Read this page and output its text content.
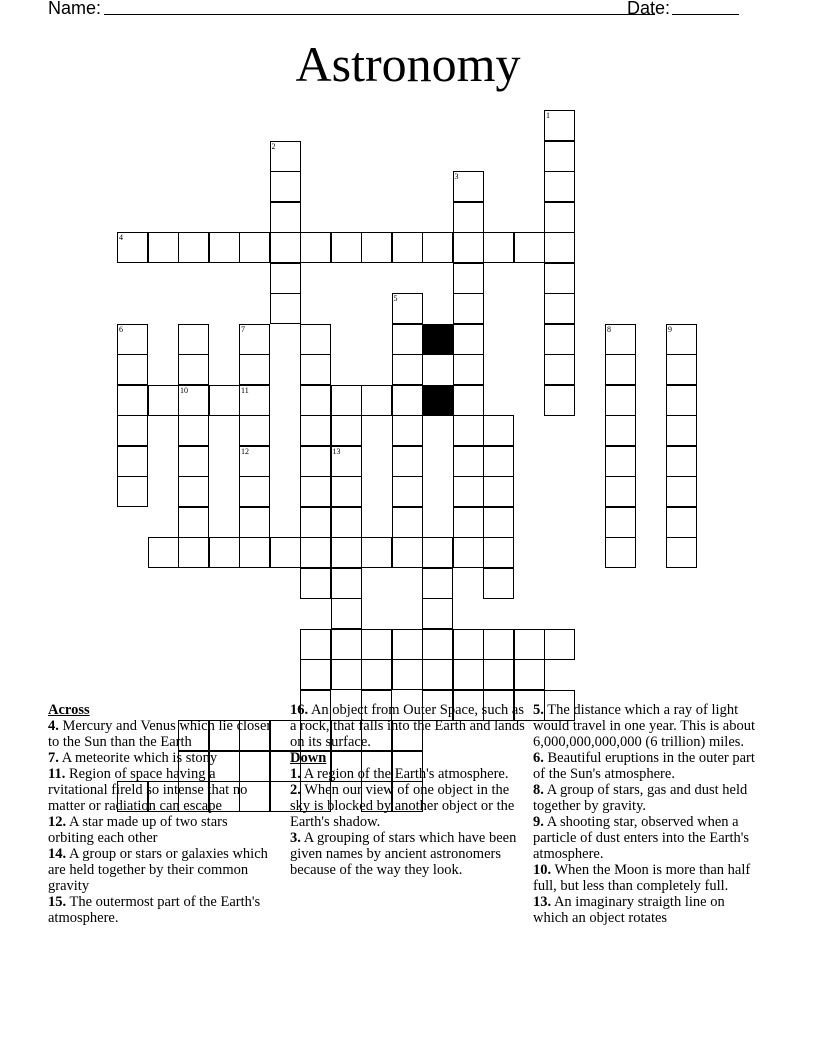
Name:	Date:
Astronomy
1
2
3
4
5
6	7
11
12
10
8	9
13
Across
4. Mercury and Venus which lie closer to the Sun than the Earth
7. A meteorite which is stony
11. Region of space having a rvitational fireld so intense that no matter or radiation can escape
12. A star made up of two stars orbiting each other
14. A group or stars or galaxies which are held together by their common gravity
15. The outermost part of the Earth's atmosphere.
16. An object from Outer Space, such as a rock, that falls into the Earth and lands on its surface.
Down
1. A region of the Earth's atmosphere.
2. When our view of one object in the sky is blocked by another object or the Earth's shadow.
3. A grouping of stars which have been given names by ancient astronomers because of the way they look.
5. The distance which a ray of light would travel in one year. This is about 6,000,000,000,000 (6 trillion) miles.
6. Beautiful eruptions in the outer part of the Sun's atmosphere.
8. A group of stars, gas and dust held together by gravity.
9. A shooting star, observed when a particle of dust enters into the Earth's atmosphere.
10. When the Moon is more than half full, but less than completely full.
13. An imaginary straigth line on which an object rotates
